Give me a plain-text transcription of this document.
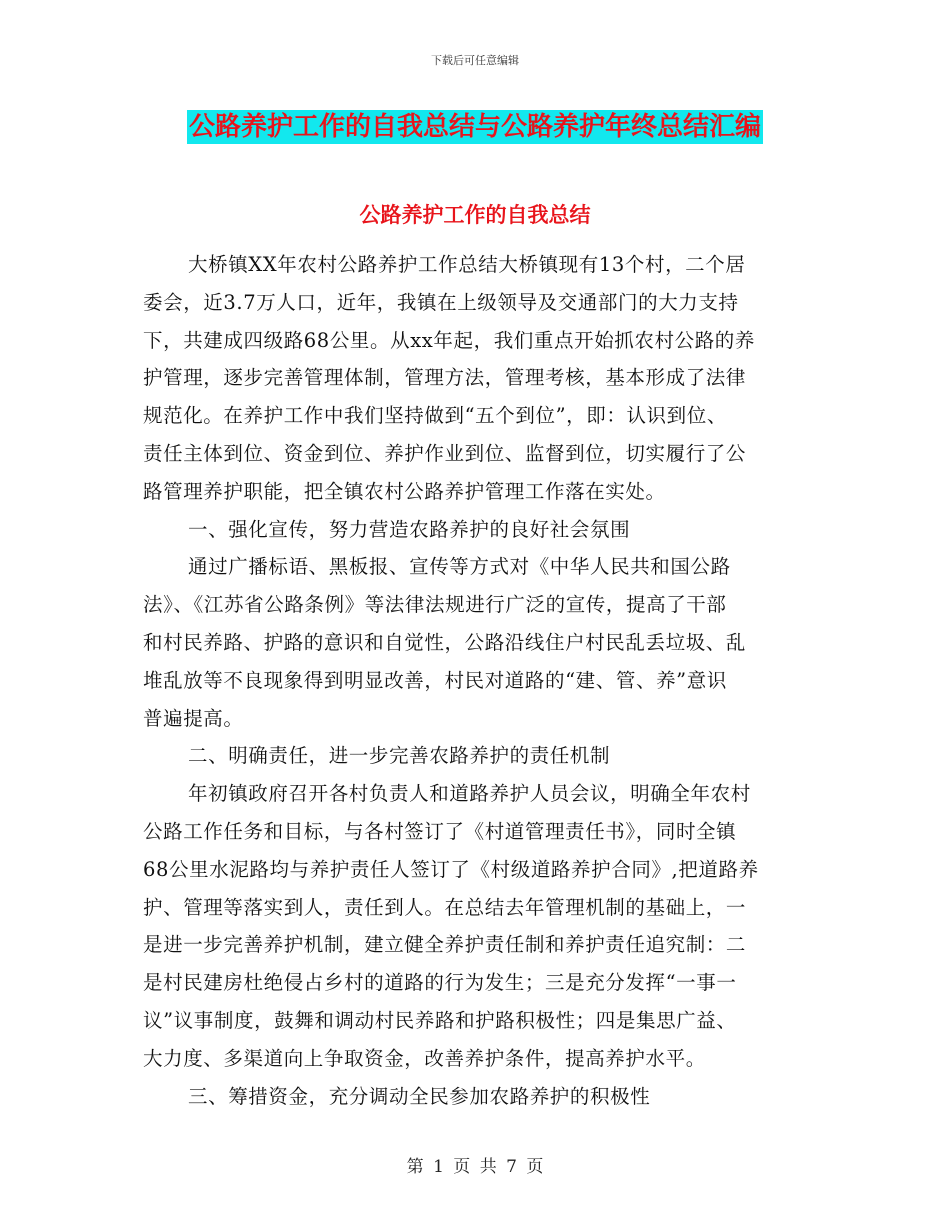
下载后可任意编辑
公路养护工作的自我总结与公路养护年终总结汇编
公路养护工作的自我总结
大桥镇XX年农村公路养护工作总结大桥镇现有13个村，二个居
委会，近3.7万人口，近年，我镇在上级领导及交通部门的大力支持
下，共建成四级路68公里。从xx年起，我们重点开始抓农村公路的养
护管理，逐步完善管理体制，管理方法，管理考核，基本形成了法律
规范化。在养护工作中我们坚持做到“五个到位”，即：认识到位、
责任主体到位、资金到位、养护作业到位、监督到位，切实履行了公
路管理养护职能，把全镇农村公路养护管理工作落在实处。
一、强化宣传，努力营造农路养护的良好社会氛围
通过广播标语、黑板报、宣传等方式对《中华人民共和国公路
法》、《江苏省公路条例》等法律法规进行广泛的宣传，提高了干部
和村民养路、护路的意识和自觉性，公路沿线住户村民乱丢垃圾、乱
堆乱放等不良现象得到明显改善，村民对道路的“建、管、养”意识
普遍提高。
二、明确责任，进一步完善农路养护的责任机制
年初镇政府召开各村负责人和道路养护人员会议，明确全年农村
公路工作任务和目标，与各村签订了《村道管理责任书》，同时全镇
68公里水泥路均与养护责任人签订了《村级道路养护合同》,把道路养
护、管理等落实到人，责任到人。在总结去年管理机制的基础上，一
是进一步完善养护机制，建立健全养护责任制和养护责任追究制：二
是村民建房杜绝侵占乡村的道路的行为发生；三是充分发挥“一事一
议”议事制度，鼓舞和调动村民养路和护路积极性；四是集思广益、
大力度、多渠道向上争取资金，改善养护条件，提高养护水平。
三、筹措资金，充分调动全民参加农路养护的积极性
第 1 页 共 7 页
